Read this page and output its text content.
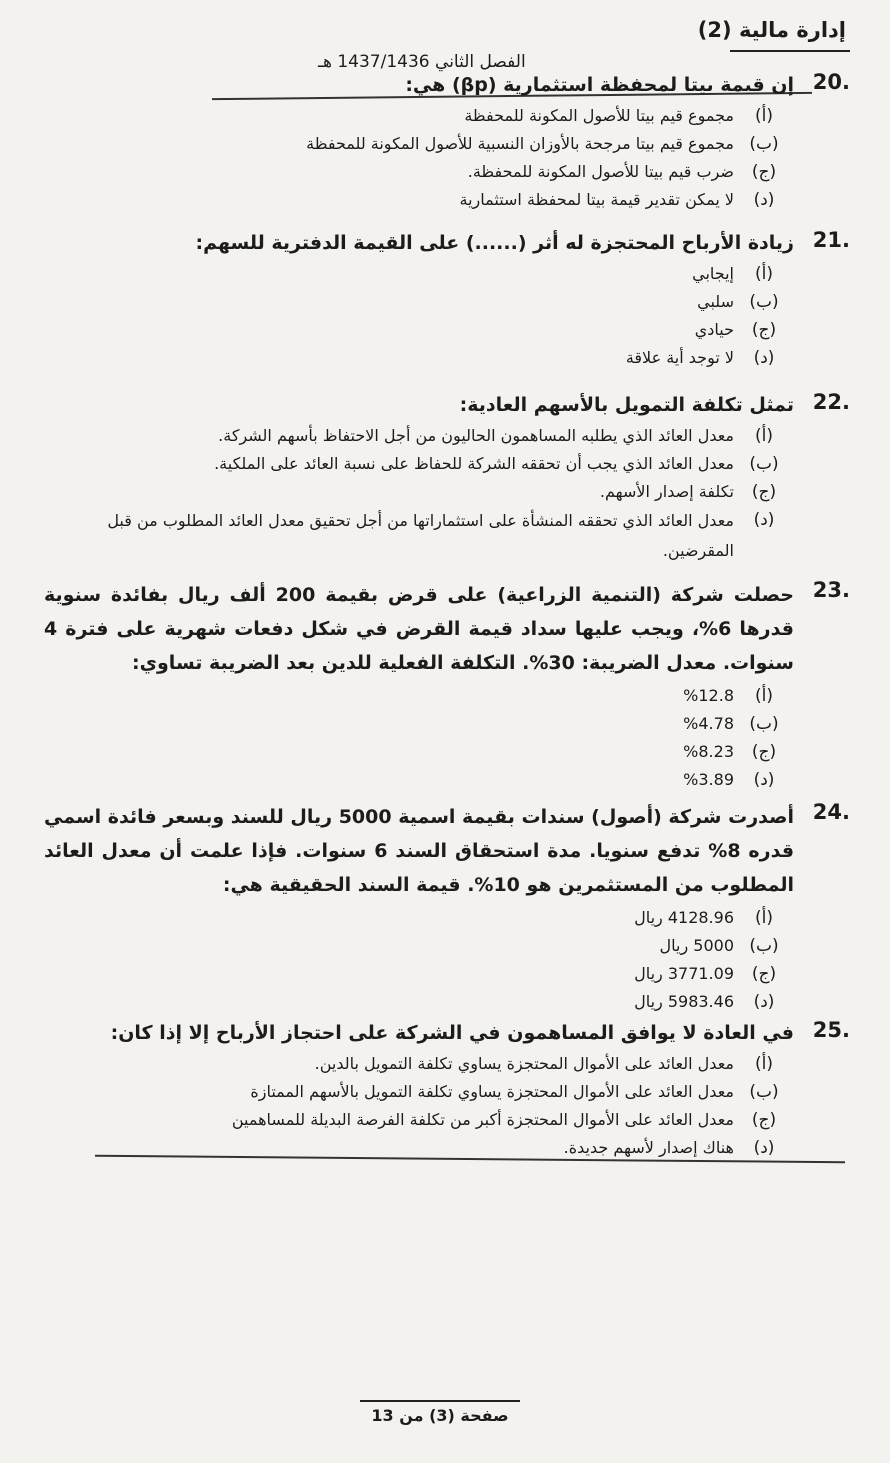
إدارة مالية (2)
الفصل الثاني 1437/1436 هـ
20.
إن قيمة بيتا لمحفظة استثمارية (βp) هي:
(أ)
مجموع قيم بيتا للأصول المكونة للمحفظة
(ب)
مجموع قيم بيتا مرجحة بالأوزان النسبية للأصول المكونة للمحفظة
(ج)
ضرب قيم بيتا للأصول المكونة للمحفظة.
(د)
لا يمكن تقدير قيمة بيتا لمحفظة استثمارية
21.
زيادة الأرباح المحتجزة له أثر (......) على القيمة الدفترية للسهم:
(أ)
إيجابي
(ب)
سلبي
(ج)
حيادي
(د)
لا توجد أية علاقة
22.
تمثل تكلفة التمويل بالأسهم العادية:
(أ)
معدل العائد الذي يطلبه المساهمون الحاليون من أجل الاحتفاظ بأسهم الشركة.
(ب)
معدل العائد الذي يجب أن تحققه الشركة للحفاظ على نسبة العائد على الملكية.
(ج)
تكلفة إصدار الأسهم.
(د)
معدل العائد الذي تحققه المنشأة على استثماراتها من أجل تحقيق معدل العائد المطلوب من قبل المقرضين.
23.
حصلت شركة (التنمية الزراعية) على قرض بقيمة 200 ألف ريال بفائدة سنوية قدرها 6%، ويجب عليها سداد قيمة القرض في شكل دفعات شهرية على فترة 4 سنوات. معدل الضريبة: 30%. التكلفة الفعلية للدين بعد الضريبة تساوي:
(أ)
%12.8
(ب)
%4.78
(ج)
%8.23
(د)
%3.89
24.
أصدرت شركة (أصول) سندات بقيمة اسمية 5000 ريال للسند وبسعر فائدة اسمي قدره 8% تدفع سنويا. مدة استحقاق السند 6 سنوات. فإذا علمت أن معدل العائد المطلوب من المستثمرين هو 10%. قيمة السند الحقيقية هي:
(أ)
4128.96 ريال
(ب)
5000 ريال
(ج)
3771.09 ريال
(د)
5983.46 ريال
25.
في العادة لا يوافق المساهمون في الشركة على احتجاز الأرباح إلا إذا كان:
(أ)
معدل العائد على الأموال المحتجزة يساوي تكلفة التمويل بالدين.
(ب)
معدل العائد على الأموال المحتجزة يساوي تكلفة التمويل بالأسهم الممتازة
(ج)
معدل العائد على الأموال المحتجزة أكبر من تكلفة الفرصة البديلة للمساهمين
(د)
هناك إصدار لأسهم جديدة.
صفحة (3) من 13
